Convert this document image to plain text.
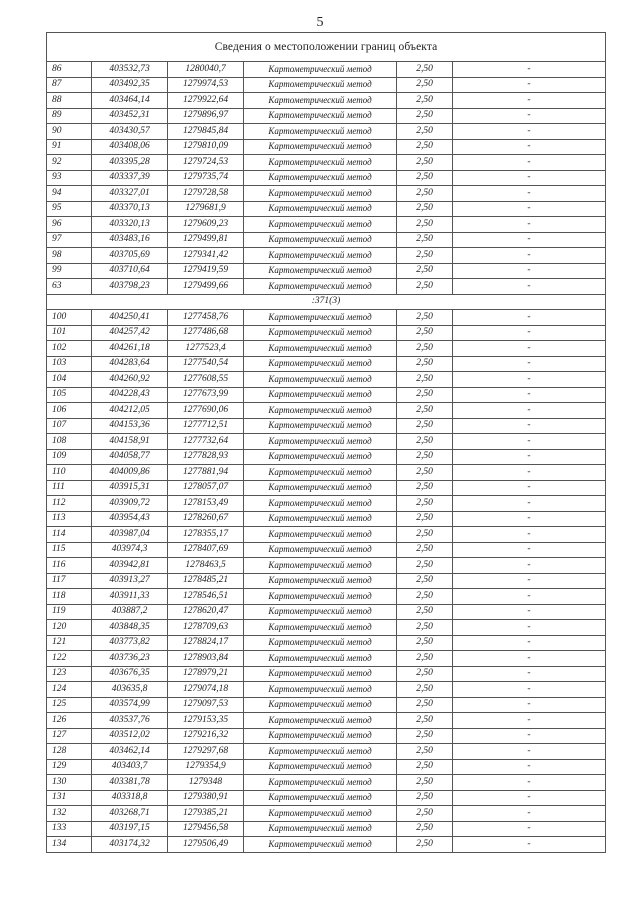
5
Сведения о местоположении границ объекта					
86	403532,73	1280040,7	Картометрический метод	2,50	-
87	403492,35	1279974,53	Картометрический метод	2,50	-
88	403464,14	1279922,64	Картометрический метод	2,50	-
89	403452,31	1279896,97	Картометрический метод	2,50	-
90	403430,57	1279845,84	Картометрический метод	2,50	-
91	403408,06	1279810,09	Картометрический метод	2,50	-
92	403395,28	1279724,53	Картометрический метод	2,50	-
93	403337,39	1279735,74	Картометрический метод	2,50	-
94	403327,01	1279728,58	Картометрический метод	2,50	-
95	403370,13	1279681,9	Картометрический метод	2,50	-
96	403320,13	1279609,23	Картометрический метод	2,50	-
97	403483,16	1279499,81	Картометрический метод	2,50	-
98	403705,69	1279341,42	Картометрический метод	2,50	-
99	403710,64	1279419,59	Картометрический метод	2,50	-
63	403798,23	1279499,66	Картометрический метод	2,50	-
:371(3)					
100	404250,41	1277458,76	Картометрический метод	2,50	-
101	404257,42	1277486,68	Картометрический метод	2,50	-
102	404261,18	1277523,4	Картометрический метод	2,50	-
103	404283,64	1277540,54	Картометрический метод	2,50	-
104	404260,92	1277608,55	Картометрический метод	2,50	-
105	404228,43	1277673,99	Картометрический метод	2,50	-
106	404212,05	1277690,06	Картометрический метод	2,50	-
107	404153,36	1277712,51	Картометрический метод	2,50	-
108	404158,91	1277732,64	Картометрический метод	2,50	-
109	404058,77	1277828,93	Картометрический метод	2,50	-
110	404009,86	1277881,94	Картометрический метод	2,50	-
111	403915,31	1278057,07	Картометрический метод	2,50	-
112	403909,72	1278153,49	Картометрический метод	2,50	-
113	403954,43	1278260,67	Картометрический метод	2,50	-
114	403987,04	1278355,17	Картометрический метод	2,50	-
115	403974,3	1278407,69	Картометрический метод	2,50	-
116	403942,81	1278463,5	Картометрический метод	2,50	-
117	403913,27	1278485,21	Картометрический метод	2,50	-
118	403911,33	1278546,51	Картометрический метод	2,50	-
119	403887,2	1278620,47	Картометрический метод	2,50	-
120	403848,35	1278709,63	Картометрический метод	2,50	-
121	403773,82	1278824,17	Картометрический метод	2,50	-
122	403736,23	1278903,84	Картометрический метод	2,50	-
123	403676,35	1278979,21	Картометрический метод	2,50	-
124	403635,8	1279074,18	Картометрический метод	2,50	-
125	403574,99	1279097,53	Картометрический метод	2,50	-
126	403537,76	1279153,35	Картометрический метод	2,50	-
127	403512,02	1279216,32	Картометрический метод	2,50	-
128	403462,14	1279297,68	Картометрический метод	2,50	-
129	403403,7	1279354,9	Картометрический метод	2,50	-
130	403381,78	1279348	Картометрический метод	2,50	-
131	403318,8	1279380,91	Картометрический метод	2,50	-
132	403268,71	1279385,21	Картометрический метод	2,50	-
133	403197,15	1279456,58	Картометрический метод	2,50	-
134	403174,32	1279506,49	Картометрический метод	2,50	-
